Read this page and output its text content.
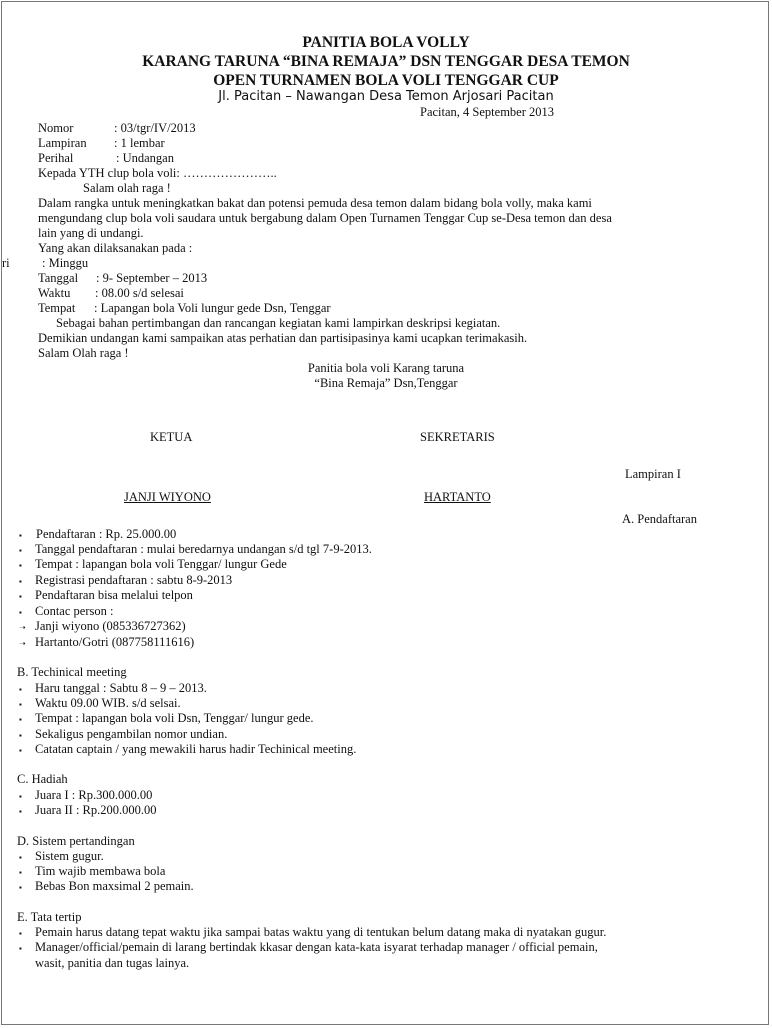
PANITIA BOLA VOLLY
KARANG TARUNA “BINA REMAJA” DSN TENGGAR DESA TEMON
OPEN TURNAMEN BOLA VOLI TENGGAR CUP
Jl. Pacitan – Nawangan Desa Temon Arjosari Pacitan
Pacitan, 4 September 2013
Nomor	: 03/tgr/IV/2013
Lampiran : 1 lembar
Perihal	: Undangan
Kepada YTH clup bola voli: …………………..
Salam olah raga !
Dalam rangka untuk meningkatkan bakat dan potensi pemuda desa temon dalam bidang bola volly, maka kami
mengundang clup bola voli saudara untuk bergabung dalam Open Turnamen Tenggar Cup se-Desa temon dan desa
lain yang di undangi.
Yang akan dilaksanakan pada :
ri	: Minggu
Tanggal : 9- September – 2013
Waktu : 08.00 s/d selesai
Tempat : Lapangan bola Voli lungur gede Dsn, Tenggar
Sebagai bahan pertimbangan dan rancangan kegiatan kami lampirkan deskripsi kegiatan.
Demikian undangan kami sampaikan atas perhatian dan partisipasinya kami ucapkan terimakasih.
Salam Olah raga !
Panitia bola voli Karang taruna
“Bina Remaja” Dsn,Tenggar
KETUA	SEKRETARIS
JANJI WIYONO	HARTANTO
Lampiran I
A. Pendaftaran
▪ Pendaftaran : Rp. 25.000.00
▪ Tanggal pendaftaran : mulai beredarnya undangan s/d tgl 7-9-2013.
▪ Tempat : lapangan bola voli Tenggar/ lungur Gede
▪ Registrasi pendaftaran : sabtu 8-9-2013
▪ Pendaftaran bisa melalui telpon
▪ Contac person :
➝ Janji wiyono (085336727362)
➝ Hartanto/Gotri (087758111616)
B. Techinical meeting
▪ Haru tanggal : Sabtu 8 – 9 – 2013.
▪ Waktu 09.00 WIB. s/d selsai.
▪ Tempat : lapangan bola voli Dsn, Tenggar/ lungur gede.
▪ Sekaligus pengambilan nomor undian.
▪ Catatan captain / yang mewakili harus hadir Techinical meeting.
C. Hadiah
▪ Juara I : Rp.300.000.00
▪ Juara II : Rp.200.000.00
D. Sistem pertandingan
▪ Sistem gugur.
▪ Tim wajib membawa bola
▪ Bebas Bon maxsimal 2 pemain.
E. Tata tertip
▪ Pemain harus datang tepat waktu jika sampai batas waktu yang di tentukan belum datang maka di nyatakan gugur.
▪ Manager/official/pemain di larang bertindak kkasar dengan kata-kata isyarat terhadap manager / official pemain,
wasit, panitia dan tugas lainya.
